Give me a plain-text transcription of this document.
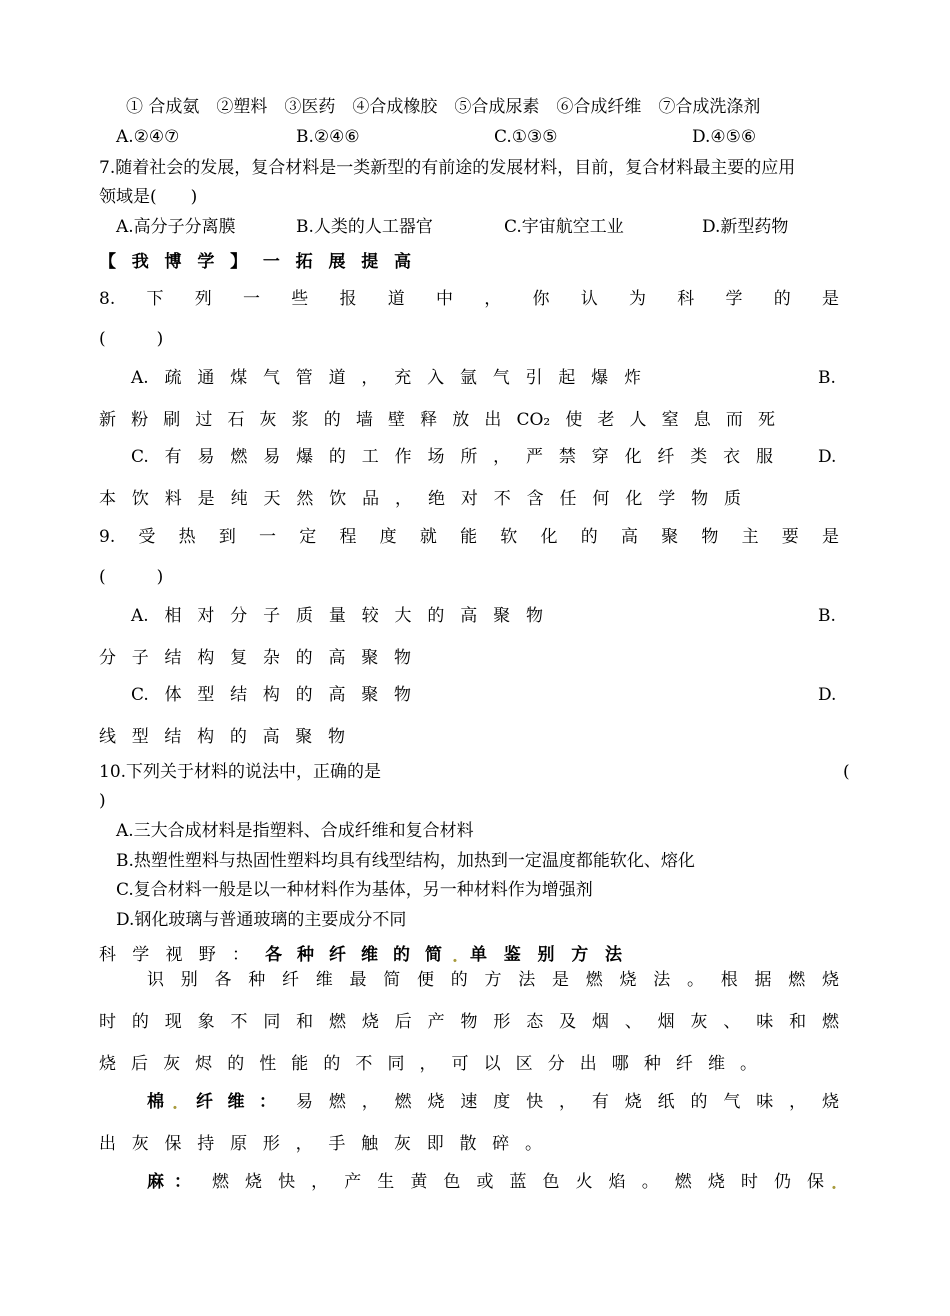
① 合成氨　②塑料　③医药　④合成橡胶　⑤合成尿素　⑥合成纤维　⑦合成洗涤剂
A.②④⑦	B.②④⑥	C.①③⑤	D.④⑤⑥
7.随着社会的发展，复合材料是一类新型的有前途的发展材料，目前，复合材料最主要的应用
领域是(　　)
A.高分子分离膜	B.人类的人工器官	C.宇宙航空工业	D.新型药物
【我博学】一拓展提高
8.下列一些报道中，你认为科学的是
(　　　)
A.疏通煤气管道，充入氩气引起爆炸	B.
新粉刷过石灰浆的墙壁释放出CO₂使老人窒息而死
C.有易燃易爆的工作场所，严禁穿化纤类衣服	D.
本饮料是纯天然饮品，绝对不含任何化学物质
9.受热到一定程度就能软化的高聚物主要是
(　　　)
A.相对分子质量较大的高聚物	B.
分子结构复杂的高聚物
C.体型结构的高聚物	D.
线型结构的高聚物
10.下列关于材料的说法中，正确的是	(
)
A.三大合成材料是指塑料、合成纤维和复合材料
B.热塑性塑料与热固性塑料均具有线型结构，加热到一定温度都能软化、熔化
C.复合材料一般是以一种材料作为基体，另一种材料作为增强剂
D.钢化玻璃与普通玻璃的主要成分不同
科学视野： 各种纤维的简 . 单鉴别方法
识别各种纤维最简便的方法是燃烧法。根据燃烧
时的现象不同和燃烧后产物形态及烟、烟灰、味和燃
烧后灰烬的性能的不同，可以区分出哪种纤维。
棉 . 纤维： 易燃，燃烧速度快，有烧纸的气味，烧
出灰保持原形，手触灰即散碎。
麻： 燃烧快，产生黄色或蓝色火焰。燃烧时仍保 .
